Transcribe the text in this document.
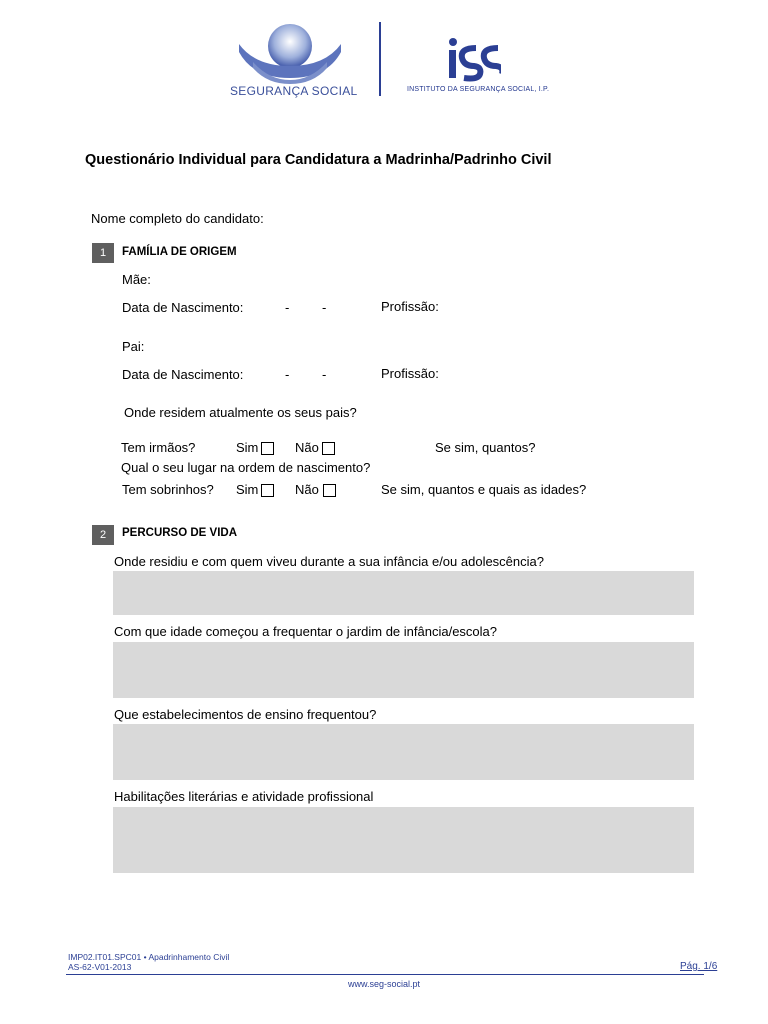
SEGURANÇA SOCIAL	INSTITUTO DA SEGURANÇA SOCIAL, I.P.
Questionário Individual para Candidatura a Madrinha/Padrinho Civil
Nome completo do candidato:
1	FAMÍLIA DE ORIGEM
Mãe:
Data de Nascimento:	-	-	Profissão:
Pai:
Data de Nascimento:	-	-	Profissão:
Onde residem atualmente os seus pais?
Tem irmãos?	Sim	Não	Se sim, quantos?
Qual o seu lugar na ordem de nascimento?
Tem sobrinhos? Sim	Não	Se sim, quantos e quais as idades?
2	PERCURSO DE VIDA
Onde residiu e com quem viveu durante a sua infância e/ou adolescência?
Com que idade começou a frequentar o jardim de infância/escola?
Que estabelecimentos de ensino frequentou?
Habilitações literárias e atividade profissional
IMP02.IT01.SPC01 • Apadrinhamento Civil
AS-62-V01-2013	Pág. 1/6
www.seg-social.pt
